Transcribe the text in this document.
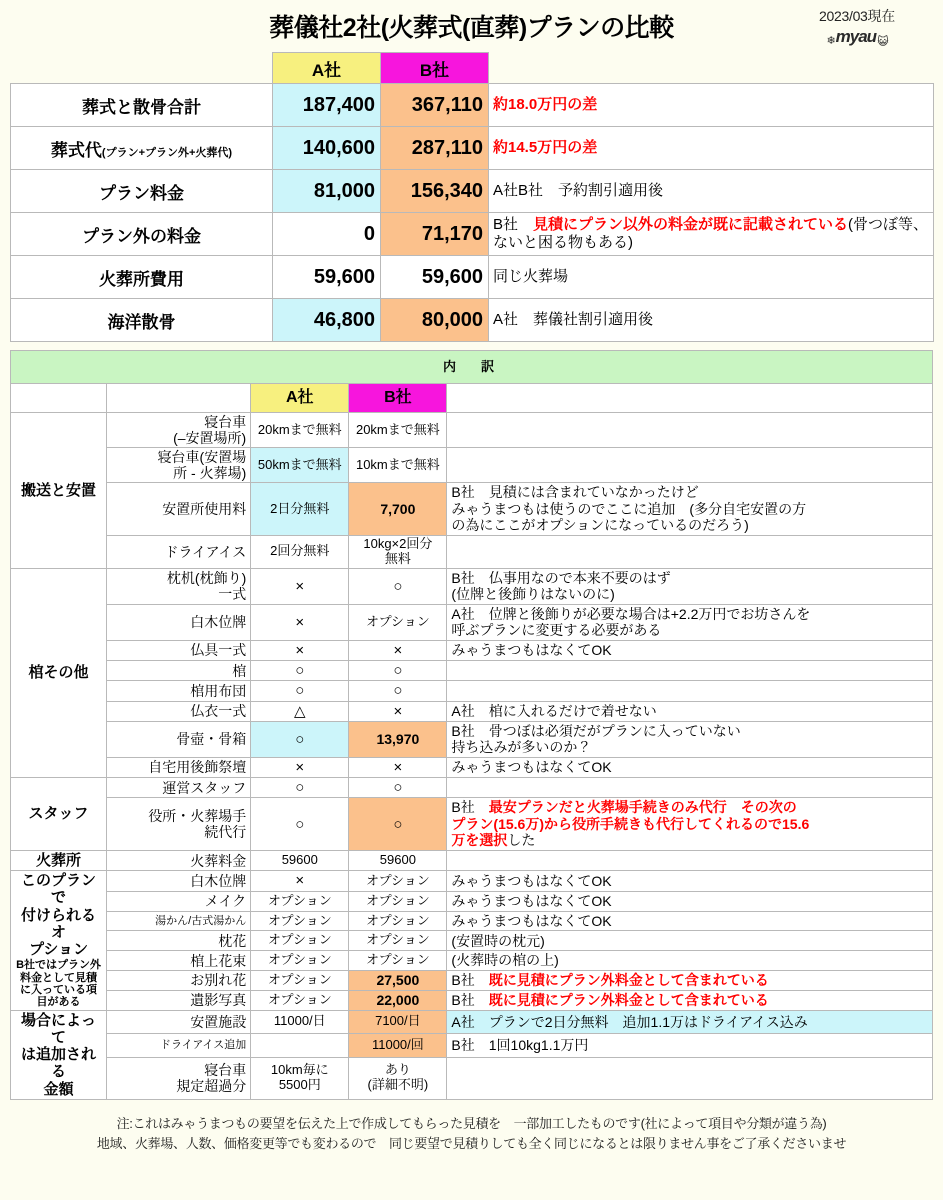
葬儀社2社(火葬式(直葬)プランの比較	2023/03現在
❄ myau 😺
	A社	B社	
葬式と散骨合計	187,400	367,110	約18.0万円の差
葬式代(プラン+プラン外+火葬代)	140,600	287,110	約14.5万円の差
プラン料金	81,000	156,340	A社B社　予約割引適用後
プラン外の料金	0	71,170	B社　見積にプラン以外の料金が既に記載されている(骨つぼ等、ないと困る物もある)
火葬所費用	59,600	59,600	同じ火葬場
海洋散骨	46,800	80,000	A社　葬儀社割引適用後
内　訳				
		A社	B社	
搬送と安置	寝台車
(–安置場所)	20kmまで無料	20kmまで無料	
	寝台車(安置場
所 - 火葬場)	50kmまで無料	10kmまで無料	
	安置所使用料	2日分無料	7,700	B社　見積には含まれていなかったけど
みゃうまつもは使うのでここに追加　(多分自宅安置の方
の為にここがオプションになっているのだろう)
	ドライアイス	2回分無料	10kg×2回分
無料	
棺その他	枕机(枕飾り)
一式	×	○	B社　仏事用なので本来不要のはず
(位牌と後飾りはないのに)
	白木位牌	×	オプション	A社　位牌と後飾りが必要な場合は+2.2万円でお坊さんを
呼ぶプランに変更する必要がある
	仏具一式	×	×	みゃうまつもはなくてOK
	棺	○	○	
	棺用布団	○	○	
	仏衣一式	△	×	A社　棺に入れるだけで着せない
	骨壺・骨箱	○	13,970	B社　骨つぼは必須だがプランに入っていない
持ち込みが多いのか？
	自宅用後飾祭壇	×	×	みゃうまつもはなくてOK
スタッフ	運営スタッフ	○	○	
	役所・火葬場手
続代行	○	○	B社　最安プランだと火葬場手続きのみ代行　その次の
プラン(15.6万)から役所手続きも代行してくれるので15.6
万を選択した
火葬所	火葬料金	59600	59600	
このプランで
付けられるオ
プション
B社ではプラン外
料金として見積
に入っている項
目がある
	白木位牌	×	オプション	みゃうまつもはなくてOK
	メイク	オプション	オプション	みゃうまつもはなくてOK
	湯かん/古式湯かん	オプション	オプション	みゃうまつもはなくてOK
	枕花	オプション	オプション	(安置時の枕元)
	棺上花束	オプション	オプション	(火葬時の棺の上)
	お別れ花	オプション	27,500	B社　既に見積にプラン外料金として含まれている
	遺影写真	オプション	22,000	B社　既に見積にプラン外料金として含まれている
場合によって
は追加される
金額	安置施設	11000/日	7100/日	A社　プランで2日分無料　追加1.1万はドライアイス込み
	ドライアイス追加		11000/回	B社　1回10kg1.1万円
	寝台車
規定超過分	10km毎に
5500円	あり
(詳細不明)	
注:これはみゃうまつもの要望を伝えた上で作成してもらった見積を　一部加工したものです(社によって項目や分類が違う為)
地域、火葬場、人数、価格変更等でも変わるので　同じ要望で見積りしても全く同じになるとは限りません事をご了承くださいませ
